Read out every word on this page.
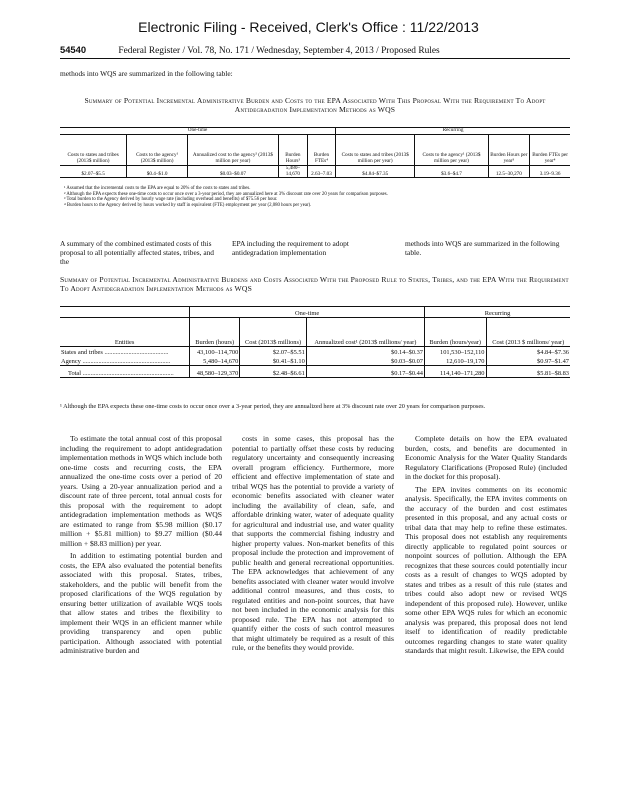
Electronic Filing - Received, Clerk's Office : 11/22/2013
54540	Federal Register / Vol. 78, No. 171 / Wednesday, September 4, 2013 / Proposed Rules
methods into WQS are summarized in the following table:
Summary of Potential Incremental Administrative Burden and Costs to the EPA Associated With This Proposal With the Requirement To Adopt Antidegradation Implementation Methods as WQS
One-time					Recurring			
Costs to states and tribes (2013$ million)	Costs to the agency¹ (2013$ million)	Annualized cost to the agency² (2013$ million per year)	Burden Hours³	Burden FTEs⁴	Costs to states and tribes (2013$ million per year)	Costs to the agency¹ (2013$ million per year)	Burden Hours per year³	Burden FTEs per year⁴
$2.07–$5.5	$0.4–$1.0	$0.03–$0.07	5,480–14,670	2.63–7.03	$4.84–$7.35	$3.6–$4.7	12.5–30,270	3.19–9.36
¹ Assumed that the incremental costs to the EPA are equal to 20% of the costs to states and tribes.
² Although the EPA expects these one-time costs to occur once over a 3-year period, they are annualized here at 3% discount rate over 20 years for comparison purposes.
³ Total burden to the Agency derived by hourly wage rate (including overhead and benefits) of $75.56 per hour.
⁴ Burden hours to the Agency derived by hours worked by staff in equivalent (FTE) employment per year (2,080 hours per year).
A summary of the combined estimated costs of this proposal to all potentially affected states, tribes, and the
EPA including the requirement to adopt antidegradation implementation
methods into WQS are summarized in the following table.
Summary of Potential Incremental Administrative Burdens and Costs Associated With the Proposed Rule to States, Tribes, and the EPA With the Requirement To Adopt Antidegradation Implementation Methods as WQS
	One-time			Recurring	
Entities	Burden (hours)	Cost (2013$ millions)	Annualized cost¹ (2013$ millions/ year)	Burden (hours/year)	Cost (2013 $ millions/ year)
States and tribes ........................................	43,100–114,700	$2.07–$5.51	$0.14–$0.37	101,530–152,110	$4.84–$7.36
Agency .......................................................	5,480–14,670	$0.41–$1.10	$0.03–$0.07	12,610–19,170	$0.97–$1.47
Total .........................................................	48,580–129,370	$2.48–$6.61	$0.17–$0.44	114,140–171,280	$5.81–$8.83
¹ Although the EPA expects these one-time costs to occur once over a 3-year period, they are annualized here at 3% discount rate over 20 years for comparison purposes.

To estimate the total annual cost of this proposal including the requirement to adopt antidegradation implementation methods in WQS which include both one-time costs and recurring costs, the EPA annualized the one-time costs over a period of 20 years. Using a 20-year annualization period and a discount rate of three percent, total annual costs for this proposal with the requirement to adopt antidegradation implementation methods as WQS are estimated to range from $5.98 million ($0.17 million + $5.81 million) to $9.27 million ($0.44 million + $8.83 million) per year.

In addition to estimating potential burden and costs, the EPA also evaluated the potential benefits associated with this proposal. States, tribes, stakeholders, and the public will benefit from the proposed clarifications of the WQS regulation by ensuring better utilization of available WQS tools that allow states and tribes the flexibility to implement their WQS in an efficient manner while providing transparency and open public participation. Although associated with potential administrative burden and

costs in some cases, this proposal has the potential to partially offset these costs by reducing regulatory uncertainty and consequently increasing overall program efficiency. Furthermore, more efficient and effective implementation of state and tribal WQS has the potential to provide a variety of economic benefits associated with cleaner water including the availability of clean, safe, and affordable drinking water, water of adequate quality for agricultural and industrial use, and water quality that supports the commercial fishing industry and higher property values. Non-market benefits of this proposal include the protection and improvement of public health and general recreational opportunities. The EPA acknowledges that achievement of any benefits associated with cleaner water would involve additional control measures, and thus costs, to regulated entities and non-point sources, that have not been included in the economic analysis for this proposed rule. The EPA has not attempted to quantify either the costs of such control measures that might ultimately be required as a result of this rule, or the benefits they would provide.

Complete details on how the EPA evaluated burden, costs, and benefits are documented in Economic Analysis for the Water Quality Standards Regulatory Clarifications (Proposed Rule) (included in the docket for this proposal).

The EPA invites comments on its economic analysis. Specifically, the EPA invites comments on the accuracy of the burden and cost estimates presented in this proposal, and any actual costs or tribal data that may help to refine these estimates. This proposal does not establish any requirements directly applicable to regulated point sources or nonpoint sources of pollution. Although the EPA recognizes that these sources could potentially incur costs as a result of changes to WQS adopted by states and tribes as a result of this rule (states and tribes could also adopt new or revised WQS independent of this proposed rule). However, unlike some other EPA WQS rules for which an economic analysis was prepared, this proposal does not lend itself to identification of readily predictable outcomes regarding changes to state water quality standards that might result. Likewise, the EPA could
